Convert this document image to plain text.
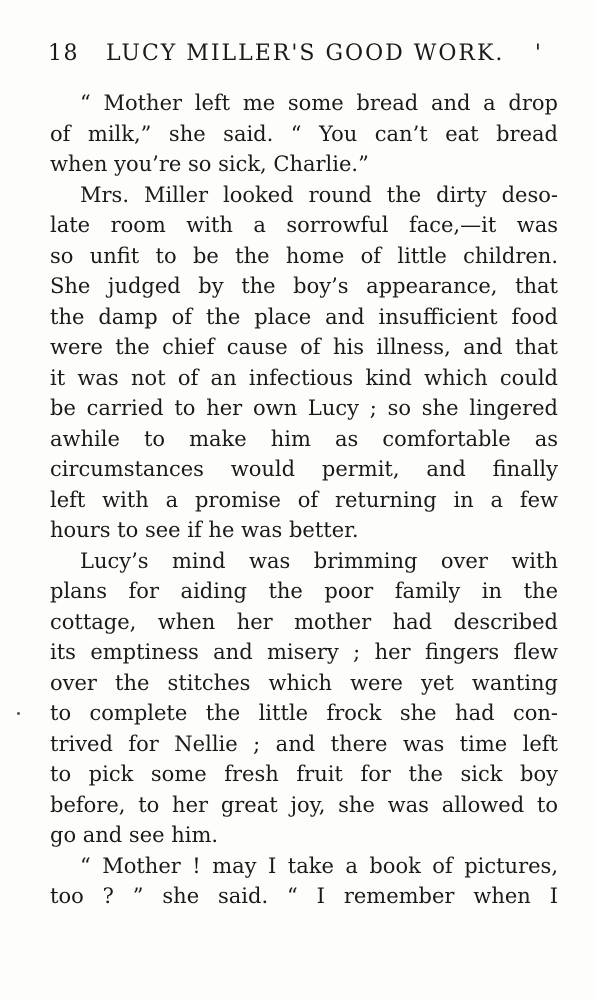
18 LUCY MILLER'S GOOD WORK. '
“ Mother left me some bread and a drop
of milk,” she said. “ You can’t eat bread
when you’re so sick, Charlie.”
Mrs. Miller looked round the dirty deso-
late room with a sorrowful face,—it was
so unfit to be the home of little children.
She judged by the boy’s appearance, that
the damp of the place and insufficient food
were the chief cause of his illness, and that
it was not of an infectious kind which could
be carried to her own Lucy ; so she lingered
awhile to make him as comfortable as
circumstances would permit, and finally
left with a promise of returning in a few
hours to see if he was better.
Lucy’s mind was brimming over with
plans for aiding the poor family in the
cottage, when her mother had described
its emptiness and misery ; her fingers flew
over the stitches which were yet wanting
to complete the little frock she had con-
trived for Nellie ; and there was time left
to pick some fresh fruit for the sick boy
before, to her great joy, she was allowed to
go and see him.
“ Mother ! may I take a book of pictures,
too ? ” she said. “ I remember when I
